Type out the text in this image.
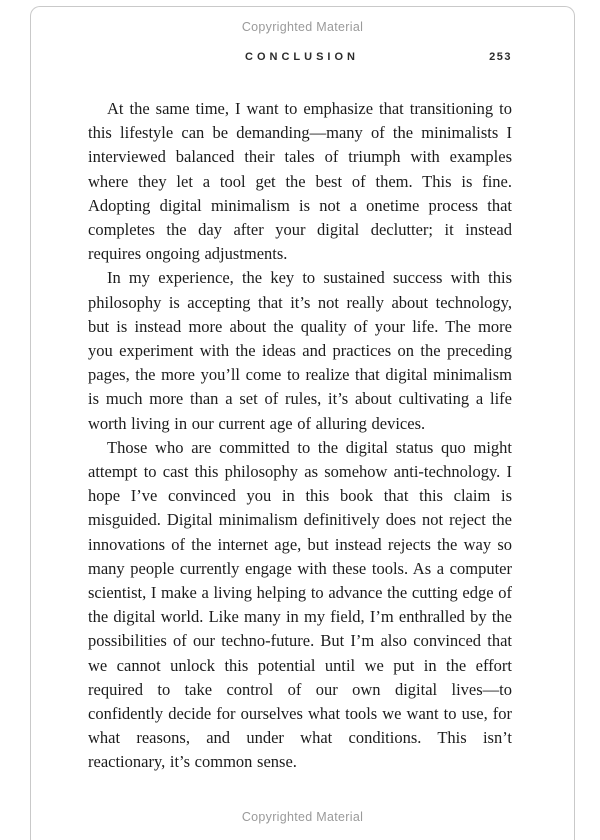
Copyrighted Material
CONCLUSION	253

At the same time, I want to emphasize that transitioning to this lifestyle can be demanding—many of the minimalists I interviewed balanced their tales of triumph with examples where they let a tool get the best of them. This is fine. Adopting digital minimalism is not a onetime process that completes the day after your digital declutter; it instead requires ongoing adjustments.

In my experience, the key to sustained success with this philosophy is accepting that it’s not really about technology, but is instead more about the quality of your life. The more you experiment with the ideas and practices on the preceding pages, the more you’ll come to realize that digital minimalism is much more than a set of rules, it’s about cultivating a life worth living in our current age of alluring devices.

Those who are committed to the digital status quo might attempt to cast this philosophy as somehow anti-technology. I hope I’ve convinced you in this book that this claim is misguided. Digital minimalism definitively does not reject the innovations of the internet age, but instead rejects the way so many people currently engage with these tools. As a computer scientist, I make a living helping to advance the cutting edge of the digital world. Like many in my field, I’m enthralled by the possibilities of our techno-future. But I’m also convinced that we cannot unlock this potential until we put in the effort required to take control of our own digital lives—to confidently decide for ourselves what tools we want to use, for what reasons, and under what conditions. This isn’t reactionary, it’s common sense.

Copyrighted Material
